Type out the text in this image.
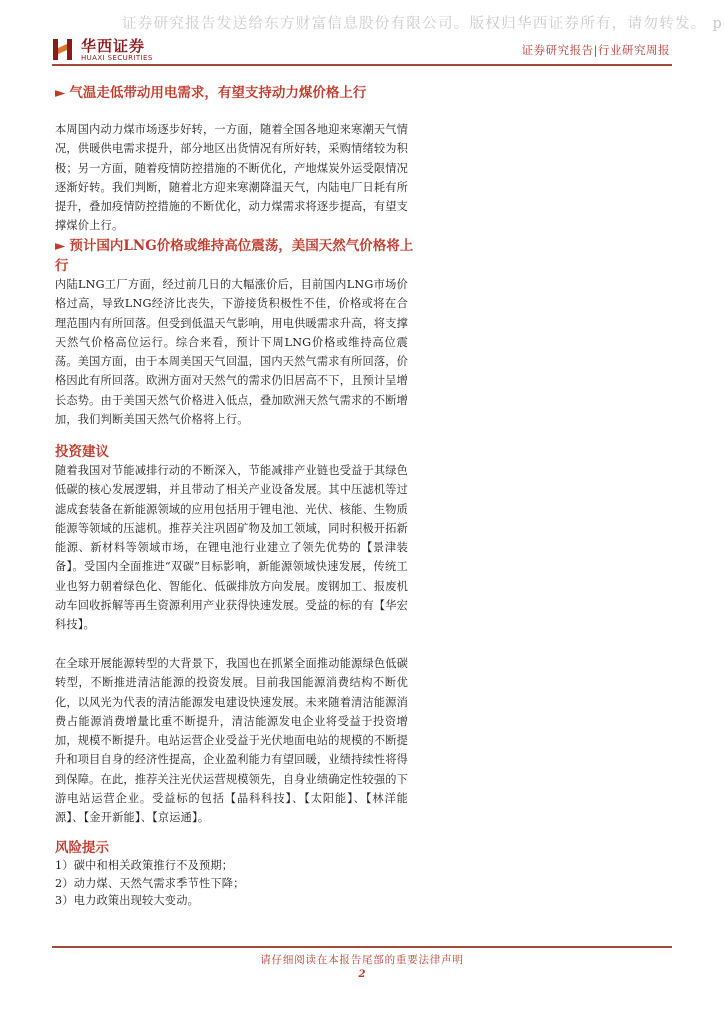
证券研究报告发送给东方财富信息股份有限公司。版权归华西证券所有，请勿转发。 p
华西证券
HUAXI SECURITIES
证券研究报告|行业研究周报
► 气温走低带动用电需求，有望支持动力煤价格上行
本周国内动力煤市场逐步好转，一方面，随着全国各地迎来寒潮天气情况，供暖供电需求提升，部分地区出货情况有所好转，采购情绪较为积极；另一方面，随着疫情防控措施的不断优化，产地煤炭外运受限情况逐渐好转。我们判断，随着北方迎来寒潮降温天气，内陆电厂日耗有所提升，叠加疫情防控措施的不断优化，动力煤需求将逐步提高，有望支撑煤价上行。
► 预计国内LNG价格或维持高位震荡，美国天然气价格将上行
内陆LNG工厂方面，经过前几日的大幅涨价后，目前国内LNG市场价格过高，导致LNG经济比丧失，下游接货积极性不佳，价格或将在合理范围内有所回落。但受到低温天气影响，用电供暖需求升高，将支撑天然气价格高位运行。综合来看，预计下周LNG价格或维持高位震荡。美国方面，由于本周美国天气回温，国内天然气需求有所回落，价格因此有所回落。欧洲方面对天然气的需求仍旧居高不下，且预计呈增长态势。由于美国天然气价格进入低点，叠加欧洲天然气需求的不断增加，我们判断美国天然气价格将上行。
投资建议
随着我国对节能减排行动的不断深入，节能减排产业链也受益于其绿色低碳的核心发展逻辑，并且带动了相关产业设备发展。其中压滤机等过滤成套装备在新能源领域的应用包括用于锂电池、光伏、核能、生物质能源等领域的压滤机。推荐关注巩固矿物及加工领域，同时积极开拓新能源、新材料等领域市场，在锂电池行业建立了领先优势的【景津装备】。受国内全面推进“双碳”目标影响，新能源领域快速发展，传统工业也努力朝着绿色化、智能化、低碳排放方向发展。废钢加工、报废机动车回收拆解等再生资源利用产业获得快速发展。受益的标的有【华宏科技】。
在全球开展能源转型的大背景下，我国也在抓紧全面推动能源绿色低碳转型，不断推进清洁能源的投资发展。目前我国能源消费结构不断优化，以风光为代表的清洁能源发电建设快速发展。未来随着清洁能源消费占能源消费增量比重不断提升，清洁能源发电企业将受益于投资增加，规模不断提升。电站运营企业受益于光伏地面电站的规模的不断提升和项目自身的经济性提高，企业盈利能力有望回暖，业绩持续性将得到保障。在此，推荐关注光伏运营规模领先，自身业绩确定性较强的下游电站运营企业。受益标的包括【晶科科技】、【太阳能】、【林洋能源】、【金开新能】、【京运通】。
风险提示
1）碳中和相关政策推行不及预期；
2）动力煤、天然气需求季节性下降；
3）电力政策出现较大变动。
请仔细阅读在本报告尾部的重要法律声明
2
